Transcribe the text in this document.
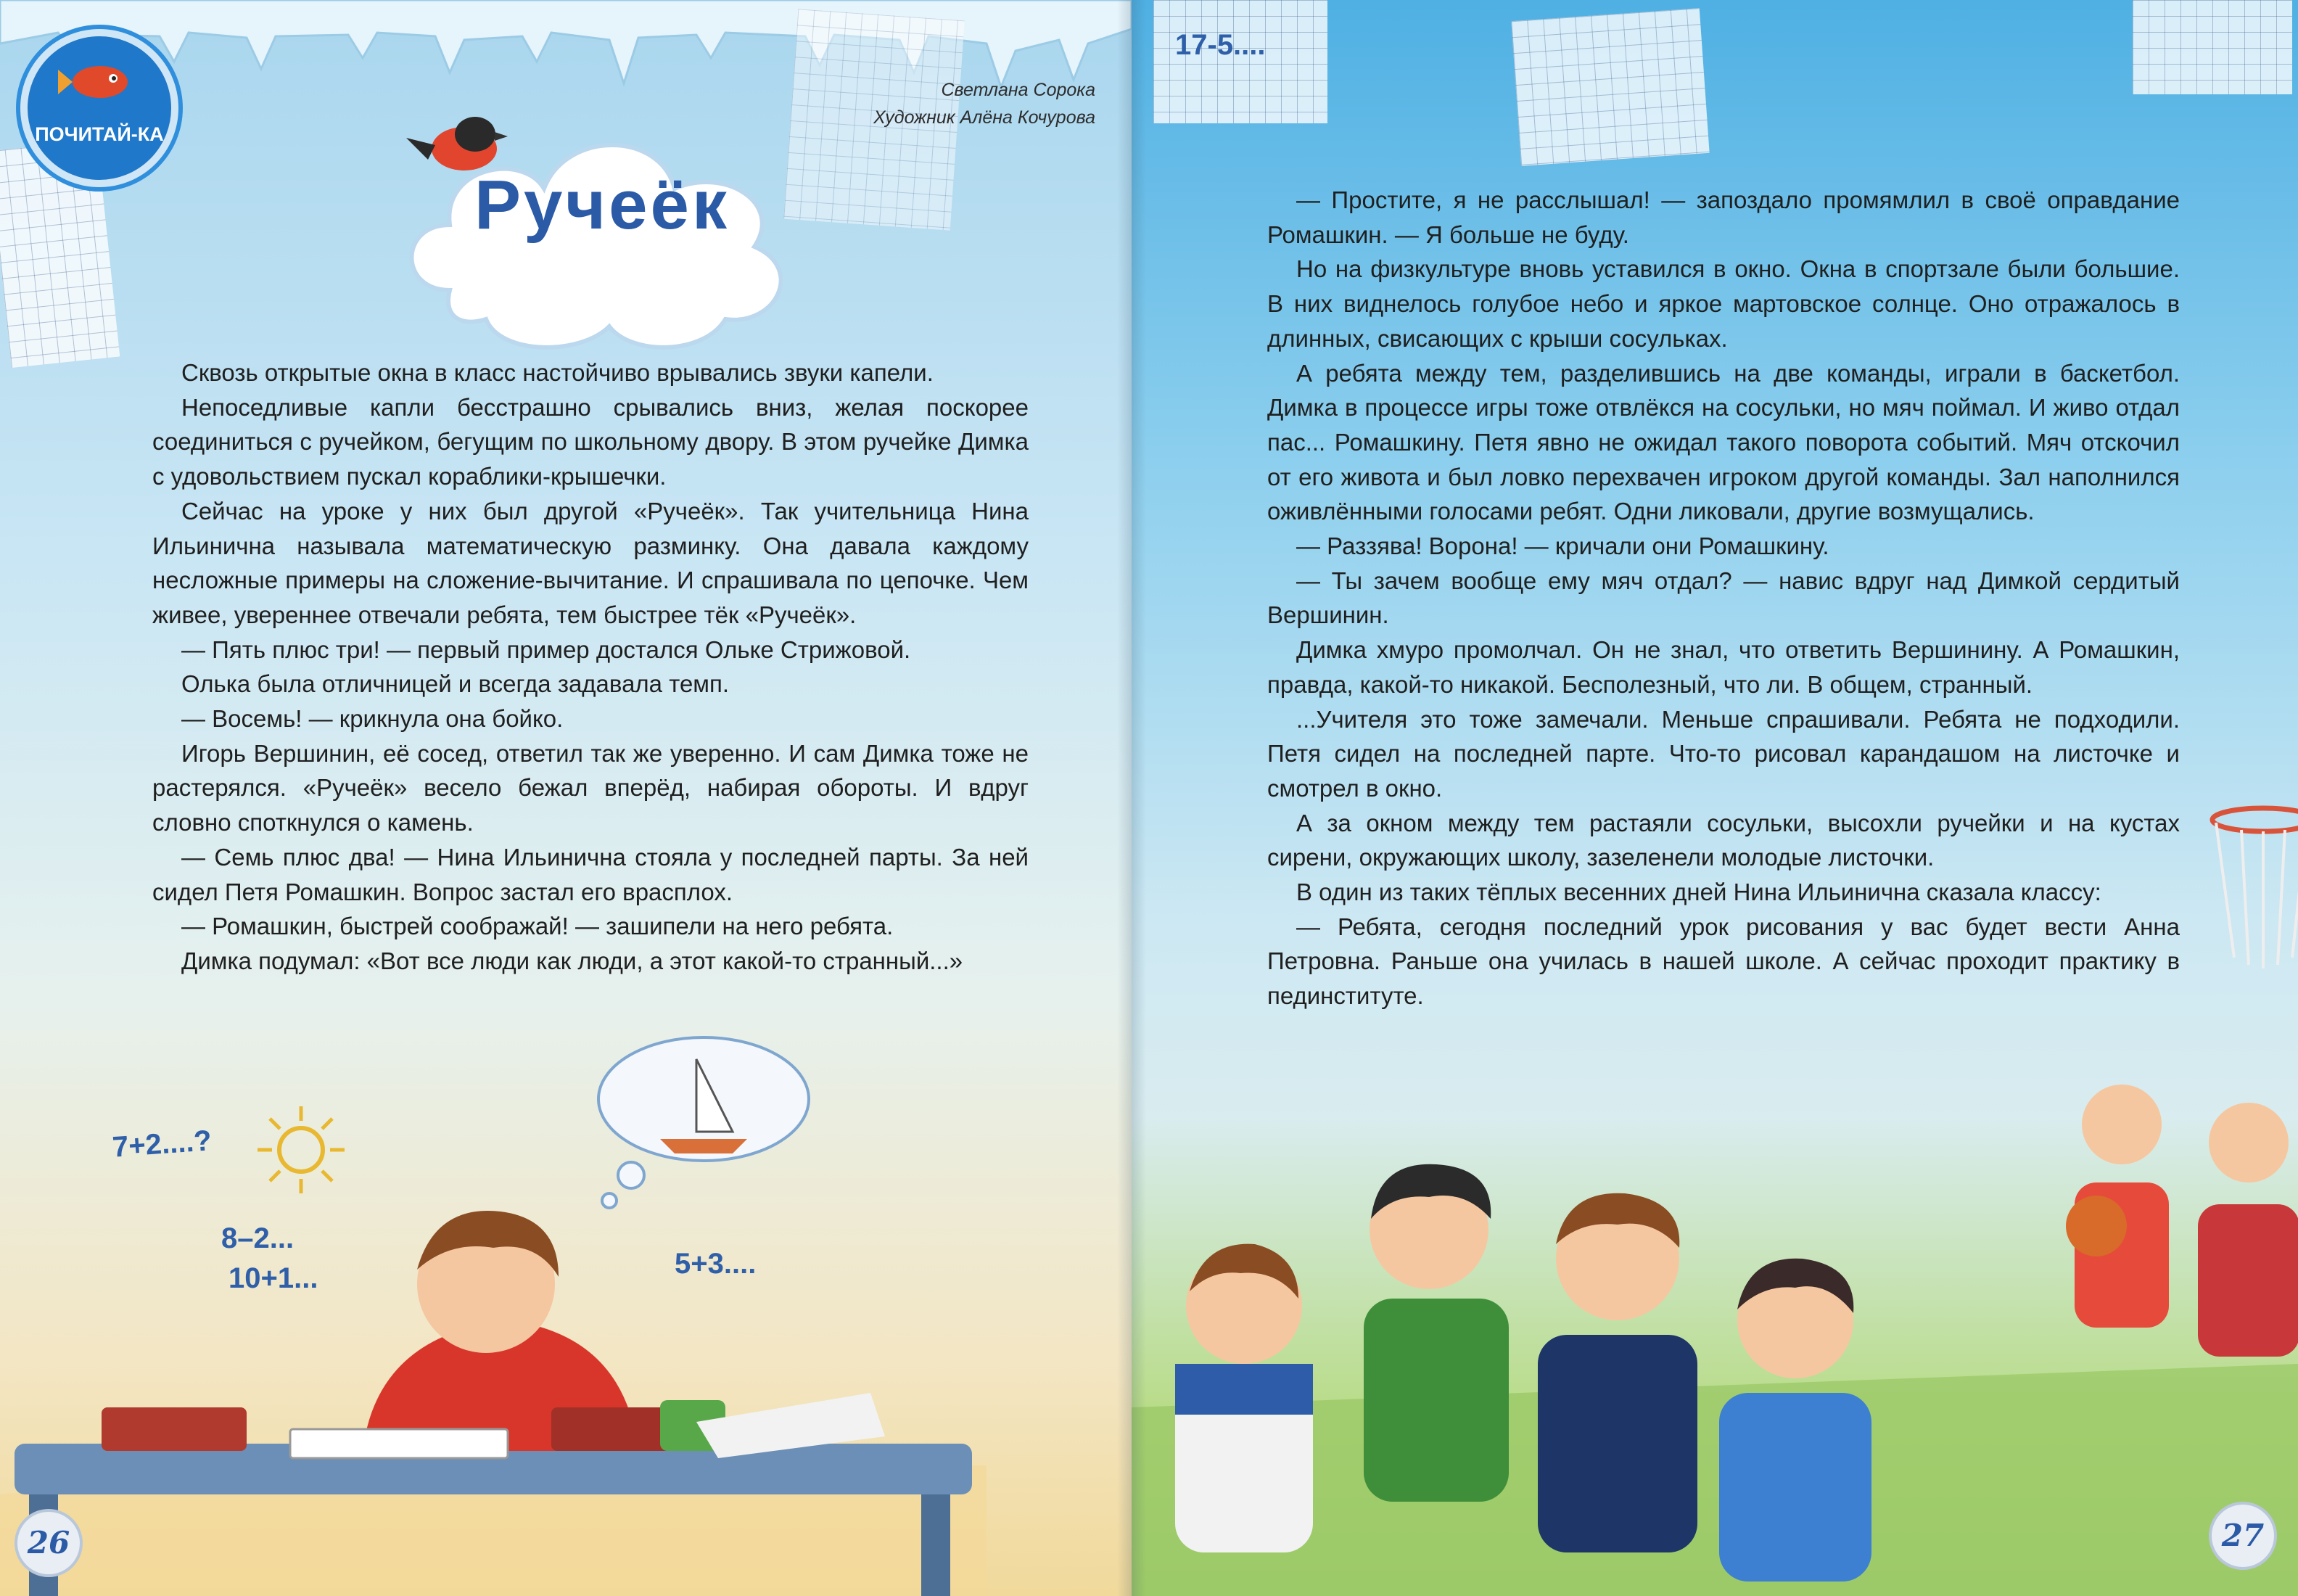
ПОЧИТАЙ-КА
Светлана Сорока
Художник Алёна Кочурова
Ручеёк

Сквозь открытые окна в класс настойчиво врывались звуки капели.

Непоседливые капли бесстрашно срывались вниз, желая поскорее соединиться с ручейком, бегущим по школьному двору. В этом ручейке Димка с удовольствием пускал кораблики-крышечки.

Сейчас на уроке у них был другой «Ручеёк». Так учительница Нина Ильинична называла математическую разминку. Она давала каждому несложные примеры на сложение-вычитание. И спрашивала по цепочке. Чем живее, увереннее отвечали ребята, тем быстрее тёк «Ручеёк».

— Пять плюс три! — первый пример достался Ольке Стрижовой.

Олька была отличницей и всегда задавала темп.

— Восемь! — крикнула она бойко.

Игорь Вершинин, её сосед, ответил так же уверенно. И сам Димка тоже не растерялся. «Ручеёк» весело бежал вперёд, набирая обороты. И вдруг словно споткнулся о камень.

— Семь плюс два! — Нина Ильинична стояла у последней парты. За ней сидел Петя Ромашкин. Вопрос застал его врасплох.

— Ромашкин, быстрей соображай! — зашипели на него ребята.

Димка подумал: «Вот все люди как люди, а этот какой-то странный...»

7+2....?
8–2...
10+1...	5+3....
26
17-5....

— Простите, я не расслышал! — запоздало промямлил в своё оправдание Ромашкин. — Я больше не буду.

Но на физкультуре вновь уставился в окно. Окна в спортзале были большие. В них виднелось голубое небо и яркое мартовское солнце. Оно отражалось в длинных, свисающих с крыши сосульках.

А ребята между тем, разделившись на две команды, играли в баскетбол. Димка в процессе игры тоже отвлёкся на сосульки, но мяч поймал. И живо отдал пас... Ромашкину. Петя явно не ожидал такого поворота событий. Мяч отскочил от его живота и был ловко перехвачен игроком другой команды. Зал наполнился оживлёнными голосами ребят. Одни ликовали, другие возмущались.

— Раззява! Ворона! — кричали они Ромашкину.

— Ты зачем вообще ему мяч отдал? — навис вдруг над Димкой сердитый Вершинин.

Димка хмуро промолчал. Он не знал, что ответить Вершинину. А Ромашкин, правда, какой-то никакой. Бесполезный, что ли. В общем, странный.

...Учителя это тоже замечали. Меньше спрашивали. Ребята не подходили. Петя сидел на последней парте. Что-то рисовал карандашом на листочке и смотрел в окно.

А за окном между тем растаяли сосульки, высохли ручейки и на кустах сирени, окружающих школу, зазеленели молодые листочки.

В один из таких тёплых весенних дней Нина Ильинична сказала классу:

— Ребята, сегодня последний урок рисования у вас будет вести Анна Петровна. Раньше она училась в нашей школе. А сейчас проходит практику в пединституте.

27
